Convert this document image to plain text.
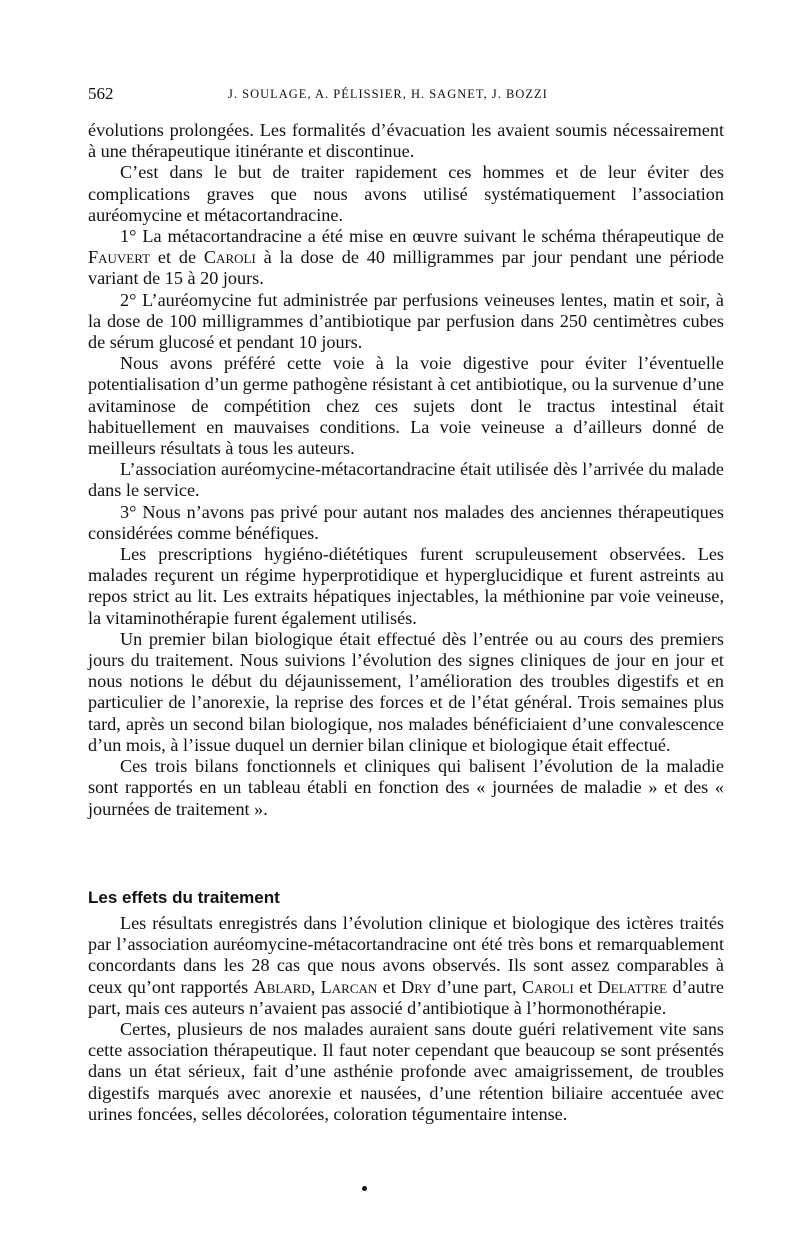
562	J. SOULAGE, A. PÉLISSIER, H. SAGNET, J. BOZZI

évolutions prolongées. Les formalités d’évacuation les avaient soumis nécessairement à une thérapeutique itinérante et discontinue.

C’est dans le but de traiter rapidement ces hommes et de leur éviter des complications graves que nous avons utilisé systématiquement l’association auréomycine et métacortandracine.

1° La métacortandracine a été mise en œuvre suivant le schéma thérapeutique de Fauvert et de Caroli à la dose de 40 milligrammes par jour pendant une période variant de 15 à 20 jours.

2° L’auréomycine fut administrée par perfusions veineuses lentes, matin et soir, à la dose de 100 milligrammes d’antibiotique par perfusion dans 250 centimètres cubes de sérum glucosé et pendant 10 jours.

Nous avons préféré cette voie à la voie digestive pour éviter l’éventuelle potentialisation d’un germe pathogène résistant à cet antibiotique, ou la survenue d’une avitaminose de compétition chez ces sujets dont le tractus intestinal était habituellement en mauvaises conditions. La voie veineuse a d’ailleurs donné de meilleurs résultats à tous les auteurs.

L’association auréomycine-métacortandracine était utilisée dès l’arrivée du malade dans le service.

3° Nous n’avons pas privé pour autant nos malades des anciennes thérapeutiques considérées comme bénéfiques.

Les prescriptions hygiéno-diététiques furent scrupuleusement observées. Les malades reçurent un régime hyperprotidique et hyperglucidique et furent astreints au repos strict au lit. Les extraits hépatiques injectables, la méthionine par voie veineuse, la vitaminothérapie furent également utilisés.

Un premier bilan biologique était effectué dès l’entrée ou au cours des premiers jours du traitement. Nous suivions l’évolution des signes cliniques de jour en jour et nous notions le début du déjaunissement, l’amélioration des troubles digestifs et en particulier de l’anorexie, la reprise des forces et de l’état général. Trois semaines plus tard, après un second bilan biologique, nos malades bénéficiaient d’une convalescence d’un mois, à l’issue duquel un dernier bilan clinique et biologique était effectué.

Ces trois bilans fonctionnels et cliniques qui balisent l’évolution de la maladie sont rapportés en un tableau établi en fonction des « journées de maladie » et des « journées de traitement ».

Les effets du traitement

Les résultats enregistrés dans l’évolution clinique et biologique des ictères traités par l’association auréomycine-métacortandracine ont été très bons et remarquablement concordants dans les 28 cas que nous avons observés. Ils sont assez comparables à ceux qu’ont rapportés Ablard, Larcan et Dry d’une part, Caroli et Delattre d’autre part, mais ces auteurs n’avaient pas associé d’antibiotique à l’hormonothérapie.

Certes, plusieurs de nos malades auraient sans doute guéri relativement vite sans cette association thérapeutique. Il faut noter cependant que beaucoup se sont présentés dans un état sérieux, fait d’une asthénie profonde avec amaigrissement, de troubles digestifs marqués avec anorexie et nausées, d’une rétention biliaire accentuée avec urines foncées, selles décolorées, coloration tégumentaire intense.
